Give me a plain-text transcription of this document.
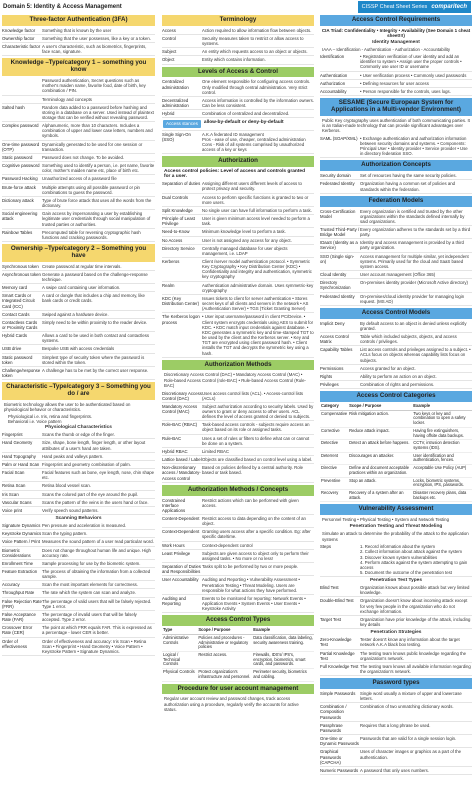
Domain 5: Identity & Access Management	CISSP Cheat Sheet Series comparitech
Three-factor Authentication (3FA)
Knowledge factor	Something that is known by the user
Ownership factor	Something that the user possesses, like a key or a token.
Characteristic factor A user's characteristic, such as biometrics, fingerprints, face scan, signature.
Knowledge –Type/category 1 – something you know
Password authentication, Secret questions such as mother's maiden name, favorite food, date of birth, key combination / PIN.
Terminology and concepts
Salted hash	Random data added to a password before hashing and storing in a database on a server. Used instead of plaintext storage that can be verified without revealing password.
Complex password Alphanumeric, more than 10 characters. Includes a combination of upper and lower case letters, numbers and symbols.
One-time password (OTP)
Dynamically generated to be used for one session or transaction.
Static password	Password does not change. To be avoided.
Cognitive password Something used to identify a person, i.e. pet name, favorite color, mother's maiden name etc, place of birth etc.
Password Hacking	Unauthorized access of a password file
Brute-force attack	Multiple attempts using all possible password or pin combinations to guess the password.
Dictionary attack	Type of brute force attack that uses all the words from the dictionary.
Social engineering attack
Gain access by impersonating a user by establishing legitimate user credentials through social manipulation of trusted parties or authorities.
Rainbow Tables	Precomputed table for reversing cryptographic hash functions and cracking passwords.
Ownership –Type/category 2 – Something you have
Synchronous token Create password at regular time intervals.
Asynchronous token Generate a password based on the challenge-response technique.
Memory card	A swipe card containing user information.
Smart Cards or Integrated Circuit Card (ICC)
A card or dongle that includes a chip and memory, like bank cards or credit cards.
Contact Cards	Swiped against a hardware device.
Contactless Cards or Proximity Cards
Simply need to be within proximity to the reader device.
Hybrid Cards	Allows a card to be used in both contact and contactless systems.
USB drive	Bespoke USB with access credentials
Static password token
Simplest type of security token where the password is stored within the token.
Challenge/response token
A challenge has to be met by the correct user response.
Characteristic –Type/category 3 – Something you do / are
Biometric technology allows the user to be authenticated based on physiological behavior or characteristics.
Physiological i.e. Iris, retina and fingerprints.
Behavioral i.e. Voice pattern
Physiological Characteristics
Fingerprint	Scans the thumb or edge of the finger.
Hand Geometry	Size, shape, bone length, finger length, or other layout attributes of a user's hand are taken.
Hand Topography	Hand peaks and valleys pattern.
Palm or Hand Scan Fingerprint and geometry combination of palm.
Facial Scan	Facial features such as bone, eye length, nose, chin shape etc.
Retina Scan	Retina blood vessel scan.
Iris Scan	Scans the colored part of the eye around the pupil.
Vascular Scans	Scans the pattern of the veins in the users hand or face.
Voice print	Verify speech sound patterns.
Scanning Behaviors
Signature Dynamics Pen pressure and acceleration is measured.
Keystroke Dynamics Scan the typing pattern.
Voice Pattern / Print Measures the sound pattern of a user read particular word.
Biometric Considerations
Does not change throughout human life and unique. High accuracy rate.
Enrollment Time	Sample processing for use by the biometric system.
Feature Extraction	The process of obtaining the information from a collected sample.
Accuracy	Scan the most important elements for correctness.
Throughput Rate	The rate which the system can scan and analyze.
False Rejection Rate (FRR)
The percentage of valid users that will be falsely rejected. Type 1 error.
False Acceptance Rate (FAR)
The percentage of invalid users that will be falsely accepted. Type 2 error.
Crossover Error Rate (CER)
The point at which FRR equals FAR. This is expressed as a percentage - lower CER is better.
Order of effectiveness
Order of effectiveness and accuracy: Iris Scan • Retina Scan • Fingerprint • Hand Geometry • Voice Pattern • Keystroke Pattern • Signature Dynamics.
Terminology
Access	Action required to allow information flow between objects.
Control	Security measures taken to restrict or allow access to systems.
Subject	An entity which requests access to an object or objects.
Object	Entity which contains information.
Levels of Access & Control
Centralized administration
One element responsible for configuring access controls. Only modified through central administration. Very strict control.
Decentralized administration
Access information is controlled by the information owners. Can be less consistent.
Hybrid	Combination of centralized and decentralized.
Access stances	allow-by-default or deny-by-default
Single Sign-On (SSO)
A.K.A federated ID management
Pros - ease of use, cheaper, centralized administration
Cons - Risk of all systems comprised by unauthorized access of a key or keys
Authorization
Access control policies: Level of access and controls granted for a user.
Separation of duties Assigning different users different levels of access to protect privacy and security.
Dual Controls	Access to perform specific functions is granted to two or more users.
Split Knowledge	No single user can have full information to perform a task.
Principle of Least Privilege
User is given minimum access level needed to perform a task.
Need-to-Know	Minimum knowledge level to perform a task.
No Access	User is not assigned any access for any object.
Directory Service	Centrally managed database for user objects management, i.e. LDAP
Kerberos	Client /server model authentication protocol. • Symmetric Key Cryptography • Key Distribution Center (KDC) • Confidentiality and integrity and authentication, symmetric key cryptography
Realm	Authentication administrative domain. Uses symmetric-key cryptography
KDC (Key Distribution Center)
Issues tickets to client for server authentication • Stores secret keys of all clients and servers in the network • AS (Authentication Server) • TGS (Ticket Granting Server)
The Kerberos logon process
• User input username/password in client PC/Device. • Client system encrypts credentials using AES to submit for KDC. • KDC match input credentials against database. • KDC generates a symmetric key and time-stamped TGT to be used by the client and the Kerberos server. • Key and TGT are encrypted using client password hash. • Client installs the TGT and decrypts the symmetric key using a hash.
Authorization Methods
Discretionary Access Control (DAC) • Mandatory Access Control (MAC) • Role-based Access Control (role-BAC) • Rule-based Access Control (Rule-BAC)
Discretionary Access Control (DAC)
Uses access control lists (ACL). • Access-control lists (ACLs)
Mandatory Access Control (MAC)
Subject authorization according to security labels. Used by owners to grant or deny access to other users. ACL defines the level of access granted or denied to subjects.
Role-BAC (RBAC)	Task-based access controls - subjects require access an object based on its role or assigned tasks.
Rule-BAC	Uses a set of rules or filters to define what can or cannot be done on a system.
Hybrid RBAC	Limited RBAC
Lattice based / Label Objects are classified based on control level using a label.
Non-discretionary access / Mandatory-Access control
Based on policies defined by a central authority. Role based or task based.
Authorization Methods / Concepts
Constrained Interface Applications
Restrict actions which can be performed with given access.
Content-Dependent Restrict access to data depending on the content of an object.
Context-Dependent Granting users access after a specific condition. Eg: after specific date/time.
Work Hours	Context-dependent control
Least Privilege	Subjects are given access to object only to perform their assigned tasks. • No more or no less!
Separation of Duties and Responsibilities
Tasks split to be performed by two or more people.
User Accountability Auditing and Reporting • Vulnerability Assessment • Penetration Testing • Threat Modeling. Users are responsible for what actions they have performed.
Auditing and Reporting
Events to be monitored for reporting: Network Events • Application Events • System Events • User Events • Keystroke Activity
Access Control Types
Type	Scope / Purpose	Example
Administrative Controls	Policies and procedures - Administrative or regulatory policies	Data classification, data labeling, security awareness training.
Logical / Technical Controls	Restrict access.	Firewalls, IDS's/ IPS's, encryption, biometrics, smart cards, and passwords.
Physical Controls	Protect organization's infrastructure and personnel.	Perimeter security, biometrics and cabling.
Procedure for user account management
Regular user account review and password changes, track access authorization using a procedure, regularly verify the accounts for active status.
Access Control Requirements
CIA Triad: Confidentiality • Integrity • Availability (See Domain 1 cheat sheet!!!)
Identity Management
IAAA – Identification - Authentication - Authorization - Accountability
Identification	• Registration verification of user identity and add an identifier to system • Assign user the proper controls • Commonly use user ID or username
Authentication	• User verification process • Commonly used passwords
Authorization	• Defining resources for user access
Accountability	• Person responsible for the controls, uses logs.
SESAME (Secure European System for Applications in a Multi-vendor Environment)
Public Key cryptography uses authentication of both communicating parties. It is an Italian-made technology that can provide significant advantages over Kerberos.
SAML (SOAP/XML) • Exchange authentication and authorization information between security domains and systems. • Components: Principal User • Identity provider • Service provider • Use in directory federation SSO.
Authorization Concepts
Security domain	Set of resources having the same security policies.
Federated Identity	Organization having a common set of policies and standards within the federation.
Federation Models
Cross-Certification Model
Every organization is certified and trusted by the other organizations within the standards defined internally by said organizations.
Trusted Third-Party / Bridge Model
Every organization adheres to the standards set by a third party.
IDaaS (Identity as a Service)
Identity and access management is provided by a third party organization.
SSO (Single sign-on)
Access management for multiple similar, yet independent systems. Primarily used for the cloud and SaaS based system access.
Cloud Identity	User account management (Office 365)
Directory Synchronization
On-premises identity provider (Microsoft Active directory)
Federated Identity	On-premises/cloud identity provider for managing login request. (MS AD)
Access Control Models
Implicit Deny	By default access to an object is denied unless explicitly granted.
Access Control Matrix
Table which included subjects, objects, and access controls / privileges.
Capability Tables	List access controls and privileges assigned to a subject. • ACLs focus on objects whereas capability lists focus on subjects.
Permissions	Access granted for an object.
Rights	Ability to perform an action on an object.
Privileges	Combination of rights and permissions.
Access Control Categories
Category	Scope / Purpose	Example
Compensative	Risk mitigation action.	Two keys or key and combination to open a safety locker.
Corrective	Reduce attack impact.	Having fire extinguishers, having offsite data backups.
Detective	Detect an attack before happens.	CCTV, intrusion detection systems (IDS).
Deterrent	Discourages an attacker.	User identification and authentication, fences.
Directive	Define and document acceptable practices within an organization.	Acceptable Use Policy (AUP)
Preventive	Stop an attack.	Locks, biometric systems, encryption, IPS, passwords.
Recovery	Recovery of a system after an attack.	Disaster recovery plans, data backups etc.
Vulnerability Assessment
Personnel Testing • Physical Testing • System and Network Testing
Penetration Testing and Threat Modeling
Simulate an attack to determine the probability of the attack to the application systems
Steps	1. Record information about the system
2. Collect information about attack against the system
3. Discover known system vulnerabilities
4. Perform attacks against the system attempting to gain access
5. Document the outcome of the penetration test
Penetration Test Types
Blind Test	Organization knows about possible attack but very limited knowledge.
Double-Blind Test	Organization doesn't know about incoming attack except for very few people in the organization who do not exchange information.
Target Test	Organization have prior knowledge of the attack, including key details
Penetration Strategies
Zero-Knowledge Test
Tester doesn't know any information about the target network A.K.A black box testing.
Partial Knowledge Test
The testing team knows public knowledge regarding the organization's network.
Full Knowledge Test The testing team knows all available information regarding the organization's network.
Password types
Simple Passwords	Single word usually a mixture of upper and lowercase letters.
Combination / Composition Passwords
Combination of two unmatching dictionary words.
Passphrase Passwords
Requires that a long phrase be used.
One-time or Dynamic Passwords
Passwords that are valid for a single session login.
Graphical Passwords (CAPCHA)
Uses of character images or graphics as a part of the authentication.
Numeric Passwords A password that only uses numbers.
